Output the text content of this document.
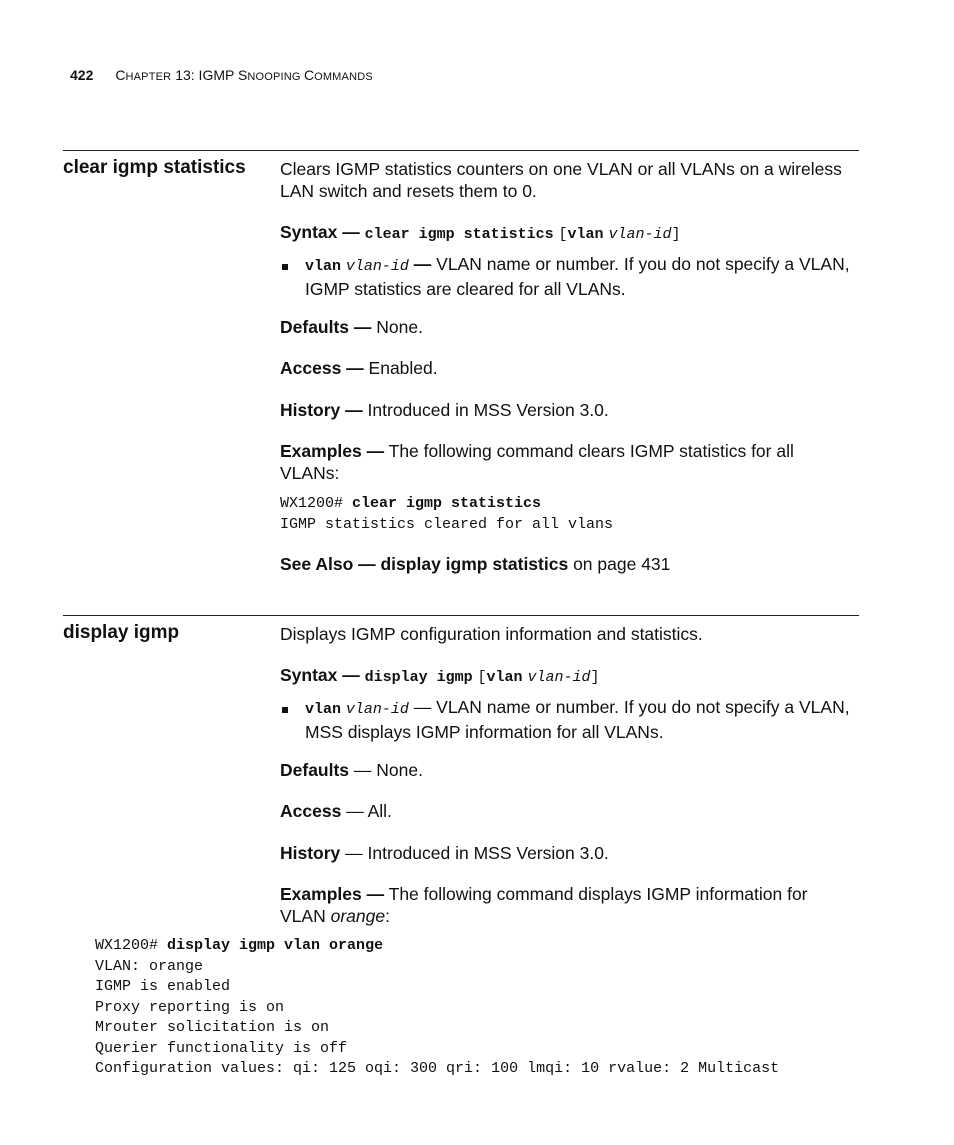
422 CHAPTER 13: IGMP SNOOPING COMMANDS
clear igmp statistics Clears IGMP statistics counters on one VLAN or all VLANs on a wireless LAN switch and resets them to 0.
Syntax — clear igmp statistics [vlan vlan-id]
vlan vlan-id — VLAN name or number. If you do not specify a VLAN, IGMP statistics are cleared for all VLANs.
Defaults — None.
Access — Enabled.
History — Introduced in MSS Version 3.0.
Examples — The following command clears IGMP statistics for all VLANs:
WX1200# clear igmp statistics
IGMP statistics cleared for all vlans
See Also — display igmp statistics on page 431
display igmp	Displays IGMP configuration information and statistics.
Syntax — display igmp [vlan vlan-id]
vlan vlan-id — VLAN name or number. If you do not specify a VLAN, MSS displays IGMP information for all VLANs.
Defaults — None.
Access — All.
History — Introduced in MSS Version 3.0.
Examples — The following command displays IGMP information for VLAN orange:
WX1200# display igmp vlan orange
VLAN: orange
IGMP is enabled
Proxy reporting is on
Mrouter solicitation is on
Querier functionality is off
Configuration values: qi: 125 oqi: 300 qri: 100 lmqi: 10 rvalue: 2 Multicast
